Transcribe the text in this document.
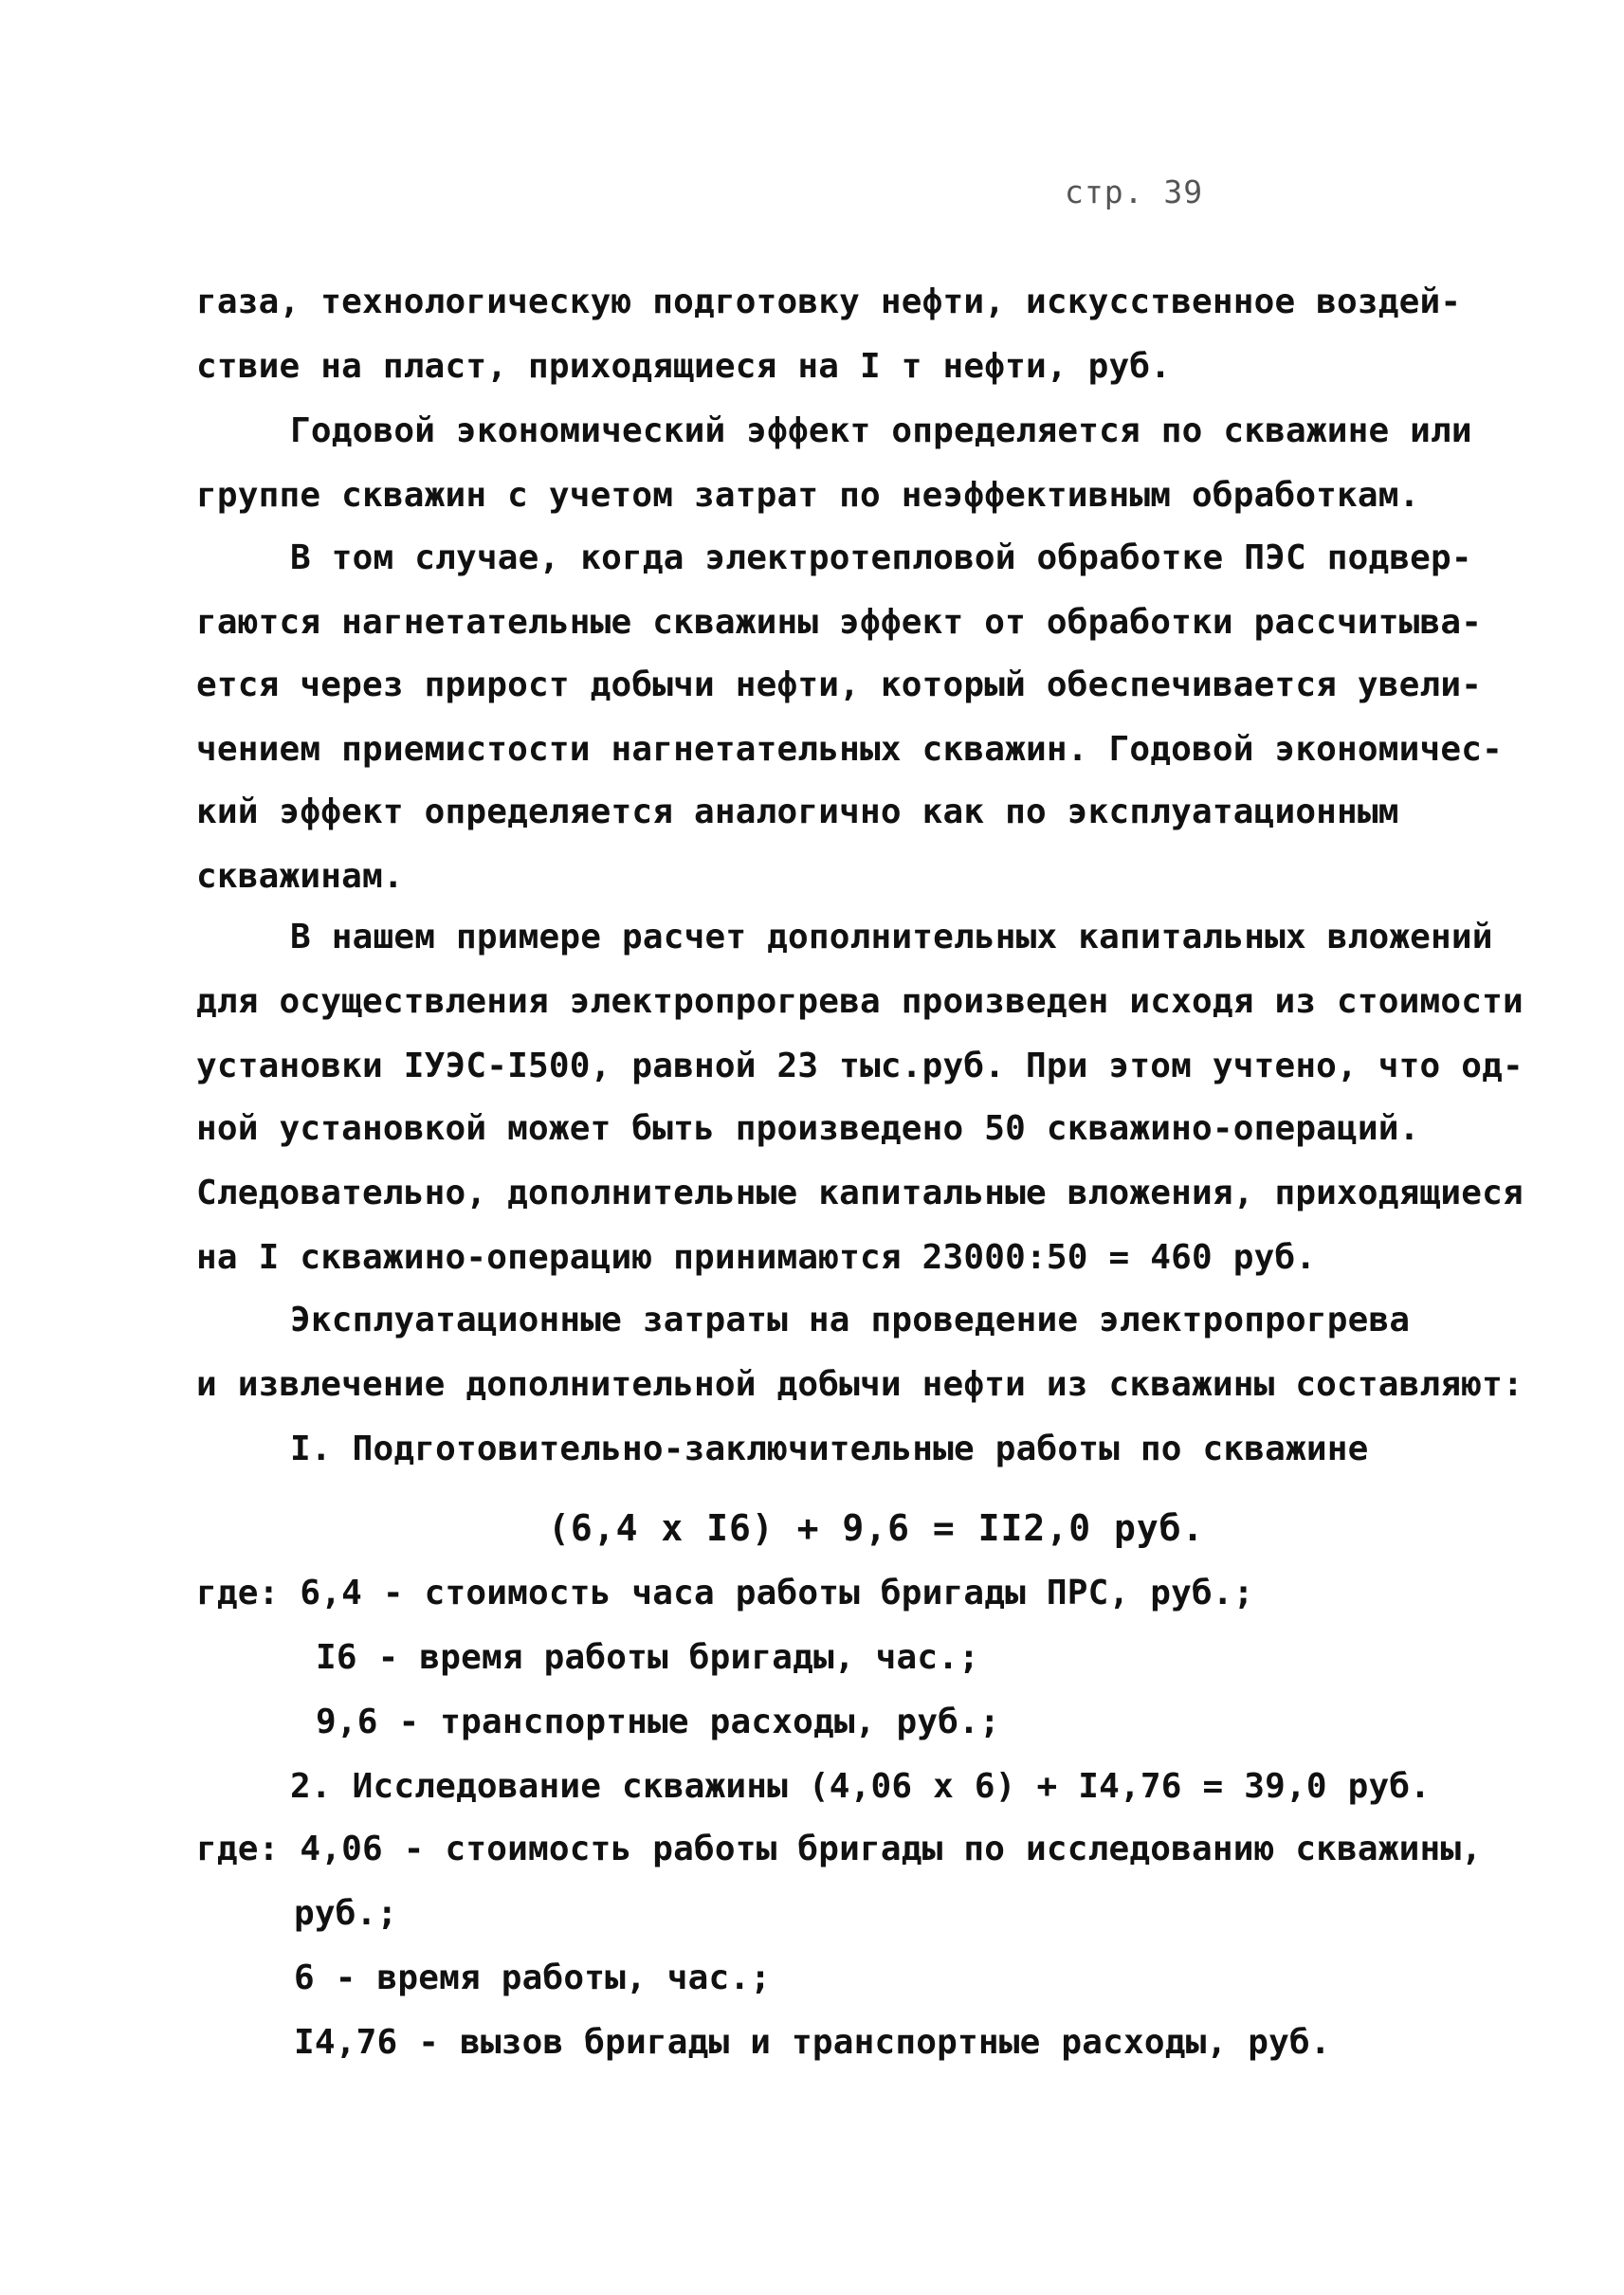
стр. 39
газа, технологическую подготовку нефти, искусственное воздей-
ствие на пласт, приходящиеся на I т нефти, руб.
Годовой экономический эффект определяется по скважине или
группе скважин с учетом затрат по неэффективным обработкам.
В том случае, когда электротепловой обработке ПЭС подвер-
гаются нагнетательные скважины эффект от обработки рассчитыва-
ется через прирост добычи нефти, который обеспечивается увели-
чением приемистости нагнетательных скважин. Годовой экономичес-
кий эффект определяется аналогично как по эксплуатационным
скважинам.
В нашем примере расчет дополнительных капитальных вложений
для осуществления электропрогрева произведен исходя из стоимости
установки IУЭС-I500, равной 23 тыс.руб. При этом учтено, что од-
ной установкой может быть произведено 50 скважино-операций.
Следовательно, дополнительные капитальные вложения, приходящиеся
на I скважино-операцию принимаются 23000:50 = 460 руб.
Эксплуатационные затраты на проведение электропрогрева
и извлечение дополнительной добычи нефти из скважины составляют:
I. Подготовительно-заключительные работы по скважине
(6,4 х I6) + 9,6 = II2,0 руб.
где: 6,4 - стоимость часа работы бригады ПРС, руб.;
I6 - время работы бригады, час.;
9,6 - транспортные расходы, руб.;
2. Исследование скважины (4,06 х 6) + I4,76 = 39,0 руб.
где: 4,06 - стоимость работы бригады по исследованию скважины,
руб.;
6 - время работы, час.;
I4,76 - вызов бригады и транспортные расходы, руб.
